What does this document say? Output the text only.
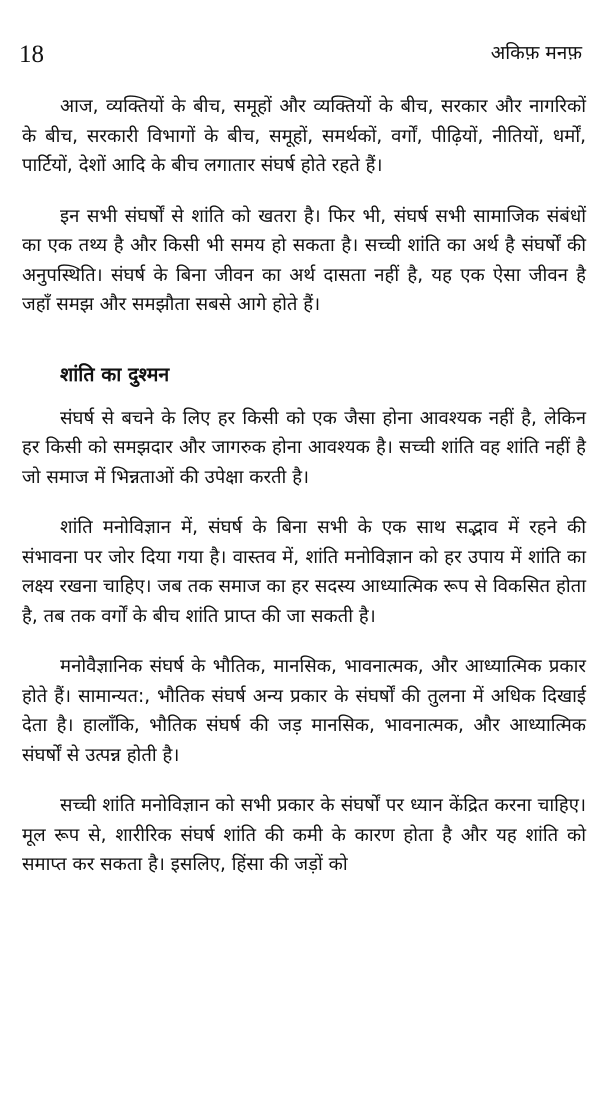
18	अकिफ़ मनफ़

आज, व्यक्तियों के बीच, समूहों और व्यक्तियों के बीच, सरकार और नागरिकों के बीच, सरकारी विभागों के बीच, समूहों, समर्थकों, वर्गों, पीढ़ियों, नीतियों, धर्मों, पार्टियों, देशों आदि के बीच लगातार संघर्ष होते रहते हैं।

इन सभी संघर्षों से शांति को खतरा है। फिर भी, संघर्ष सभी सामाजिक संबंधों का एक तथ्य है और किसी भी समय हो सकता है। सच्ची शांति का अर्थ है संघर्षों की अनुपस्थिति। संघर्ष के बिना जीवन का अर्थ दासता नहीं है, यह एक ऐसा जीवन है जहाँ समझ और समझौता सबसे आगे होते हैं।

शांति का दुश्मन

संघर्ष से बचने के लिए हर किसी को एक जैसा होना आवश्यक नहीं है, लेकिन हर किसी को समझदार और जागरुक होना आवश्यक है। सच्ची शांति वह शांति नहीं है जो समाज में भिन्नताओं की उपेक्षा करती है।

शांति मनोविज्ञान में, संघर्ष के बिना सभी के एक साथ सद्भाव में रहने की संभावना पर जोर दिया गया है। वास्तव में, शांति मनोविज्ञान को हर उपाय में शांति का लक्ष्य रखना चाहिए। जब तक समाज का हर सदस्य आध्यात्मिक रूप से विकसित होता है, तब तक वर्गों के बीच शांति प्राप्त की जा सकती है।

मनोवैज्ञानिक संघर्ष के भौतिक, मानसिक, भावनात्मक, और आध्यात्मिक प्रकार होते हैं। सामान्यत:, भौतिक संघर्ष अन्य प्रकार के संघर्षों की तुलना में अधिक दिखाई देता है। हालाँकि, भौतिक संघर्ष की जड़ मानसिक, भावनात्मक, और आध्यात्मिक संघर्षों से उत्पन्न होती है।

सच्ची शांति मनोविज्ञान को सभी प्रकार के संघर्षों पर ध्यान केंद्रित करना चाहिए। मूल रूप से, शारीरिक संघर्ष शांति की कमी के कारण होता है और यह शांति को समाप्त कर सकता है। इसलिए, हिंसा की जड़ों को
